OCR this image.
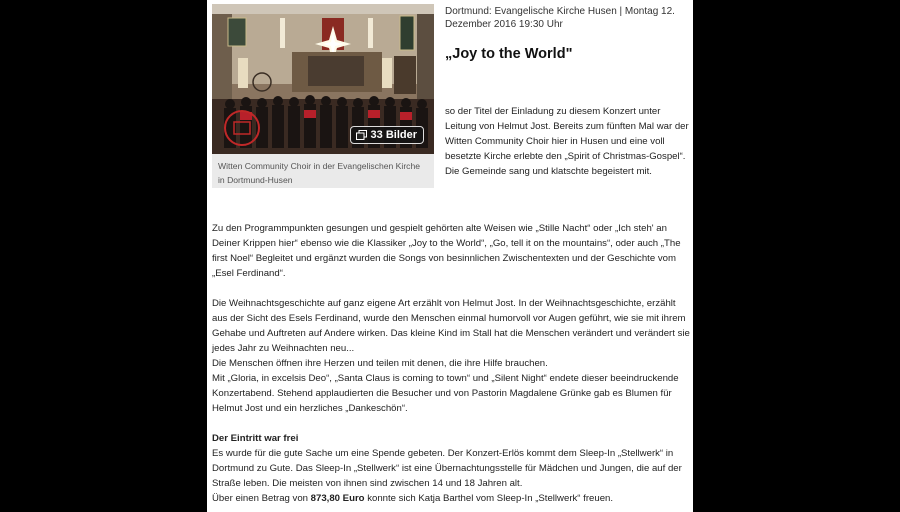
33 Bilder
Witten Community Choir in der Evangelischen Kirche in Dortmund-Husen
Dortmund: Evangelische Kirche Husen | Montag 12. Dezember 2016 19:30 Uhr
„Joy to the World"
so der Titel der Einladung zu diesem Konzert unter Leitung von Helmut Jost. Bereits zum fünften Mal war der Witten Community Choir hier in Husen und eine voll besetzte Kirche erlebte den „Spirit of Christmas-Gospel“. Die Gemeinde sang und klatschte begeistert mit.

Zu den Programmpunkten gesungen und gespielt gehörten alte Weisen wie „Stille Nacht“ oder „Ich steh' an Deiner Krippen hier“ ebenso wie die Klassiker „Joy to the World“, „Go, tell it on the mountains“, oder auch „The first Noel“ Begleitet und ergänzt wurden die Songs von besinnlichen Zwischentexten und der Geschichte vom „Esel Ferdinand“.

Die Weihnachtsgeschichte auf ganz eigene Art erzählt von Helmut Jost. In der Weihnachtsgeschichte, erzählt aus der Sicht des Esels Ferdinand, wurde den Menschen einmal humorvoll vor Augen geführt, wie sie mit ihrem Gehabe und Auftreten auf Andere wirken. Das kleine Kind im Stall hat die Menschen verändert und verändert sie jedes Jahr zu Weihnachten neu...
Die Menschen öffnen ihre Herzen und teilen mit denen, die ihre Hilfe brauchen.
Mit „Gloria, in excelsis Deo“, „Santa Claus is coming to town“ und „Silent Night“ endete dieser beeindruckende Konzertabend. Stehend applaudierten die Besucher und von Pastorin Magdalene Grünke gab es Blumen für Helmut Jost und ein herzliches „Dankeschön“.

Der Eintritt war frei
Es wurde für die gute Sache um eine Spende gebeten. Der Konzert-Erlös kommt dem Sleep-In „Stellwerk“ in Dortmund zu Gute. Das Sleep-In „Stellwerk“ ist eine Übernachtungsstelle für Mädchen und Jungen, die auf der Straße leben. Die meisten von ihnen sind zwischen 14 und 18 Jahren alt.
Über einen Betrag von 873,80 Euro konnte sich Katja Barthel vom Sleep-In „Stellwerk“ freuen.
